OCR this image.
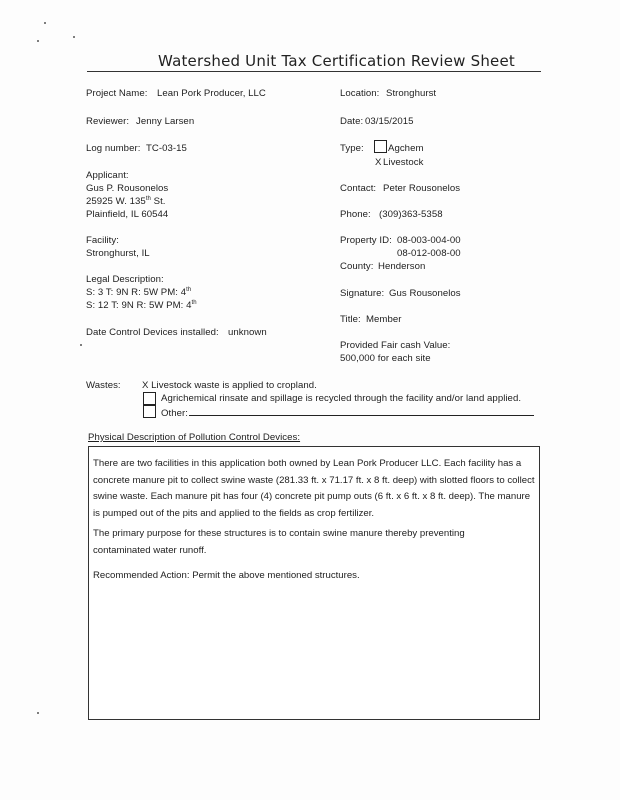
Watershed Unit Tax Certification Review Sheet
Project Name: Lean Pork Producer, LLC	Location: Stronghurst
Reviewer: Jenny Larsen	Date: 03/15/2015
Log number: TC-03-15	Type:	Agchem
X Livestock
Applicant:
Gus P. Rousonelos
25925 W. 135th St.
Plainfield, IL 60544
Contact: Peter Rousonelos
Phone: (309)363-5358
Facility:
Stronghurst, IL
Property ID: 08-003-004-00
08-012-008-00
County: Henderson
Legal Description:
S: 3 T: 9N R: 5W PM: 4th
S: 12 T: 9N R: 5W PM: 4th
Signature: Gus Rousonelos
Title: Member
Date Control Devices installed: unknown
Provided Fair cash Value:
500,000 for each site
Wastes: X Livestock waste is applied to cropland.
Agrichemical rinsate and spillage is recycled through the facility and/or land applied.
Other:
Physical Description of Pollution Control Devices:
There are two facilities in this application both owned by Lean Pork Producer LLC. Each facility has a concrete manure pit to collect swine waste (281.33 ft. x 71.17 ft. x 8 ft. deep) with slotted floors to collect swine waste. Each manure pit has four (4) concrete pit pump outs (6 ft. x 6 ft. x 8 ft. deep). The manure is pumped out of the pits and applied to the fields as crop fertilizer.
The primary purpose for these structures is to contain swine manure thereby preventing contaminated water runoff.
Recommended Action: Permit the above mentioned structures.
